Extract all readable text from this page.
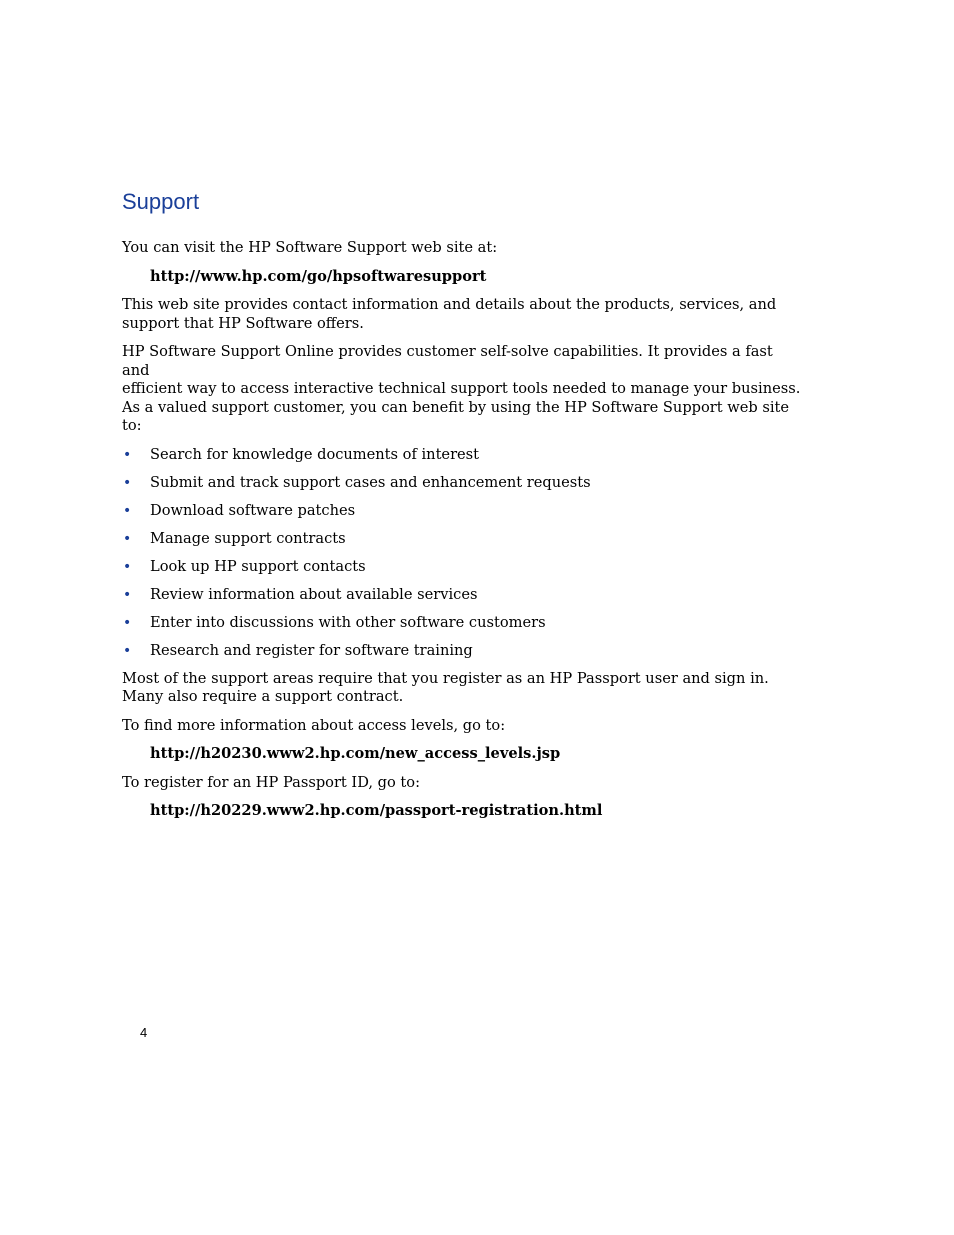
Support

You can visit the HP Software Support web site at:

http://www.hp.com/go/hpsoftwaresupport

This web site provides contact information and details about the products, services, and support that HP Software offers.

HP Software Support Online provides customer self-solve capabilities. It provides a fast and
efficient way to access interactive technical support tools needed to manage your business.
As a valued support customer, you can benefit by using the HP Software Support web site to:

• Search for knowledge documents of interest
• Submit and track support cases and enhancement requests
• Download software patches
• Manage support contracts
• Look up HP support contacts
• Review information about available services
• Enter into discussions with other software customers
• Research and register for software training

Most of the support areas require that you register as an HP Passport user and sign in.
Many also require a support contract.

To find more information about access levels, go to:

http://h20230.www2.hp.com/new_access_levels.jsp

To register for an HP Passport ID, go to:

http://h20229.www2.hp.com/passport-registration.html

4
